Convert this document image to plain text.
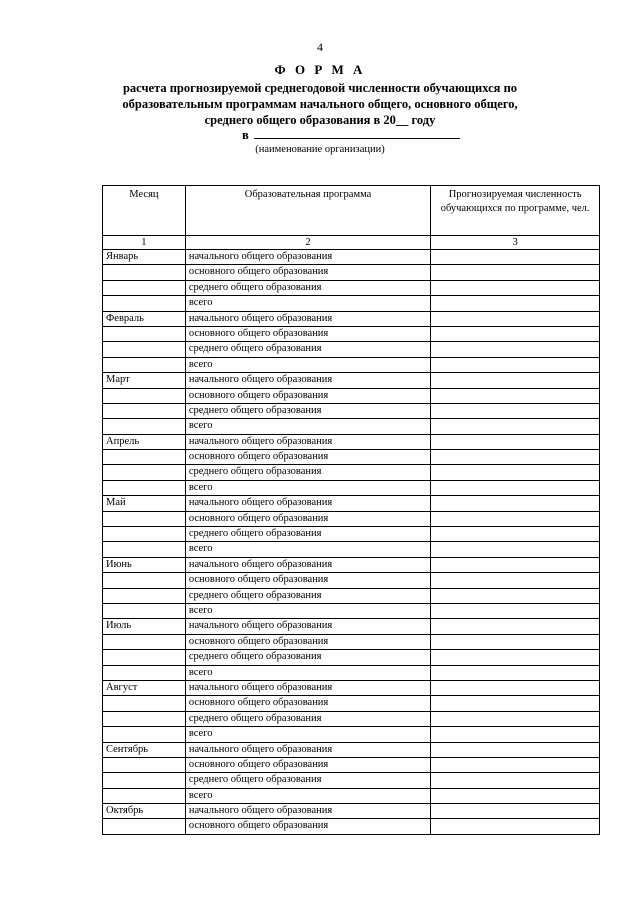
4
Ф О Р М А
расчета прогнозируемой среднегодовой численности обучающихся по образовательным программам начального общего, основного общего, среднего общего образования в 20__ году
в
(наименование организации)
Месяц	Образовательная программа	Прогнозируемая численность обучающихся по программе, чел.
1	2	3
Январь	начального общего образования	
	основного общего образования	
	среднего общего образования	
	всего	
Февраль	начального общего образования	
	основного общего образования	
	среднего общего образования	
	всего	
Март	начального общего образования	
	основного общего образования	
	среднего общего образования	
	всего	
Апрель	начального общего образования	
	основного общего образования	
	среднего общего образования	
	всего	
Май	начального общего образования	
	основного общего образования	
	среднего общего образования	
	всего	
Июнь	начального общего образования	
	основного общего образования	
	среднего общего образования	
	всего	
Июль	начального общего образования	
	основного общего образования	
	среднего общего образования	
	всего	
Август	начального общего образования	
	основного общего образования	
	среднего общего образования	
	всего	
Сентябрь	начального общего образования	
	основного общего образования	
	среднего общего образования	
	всего	
Октябрь	начального общего образования	
	основного общего образования	
